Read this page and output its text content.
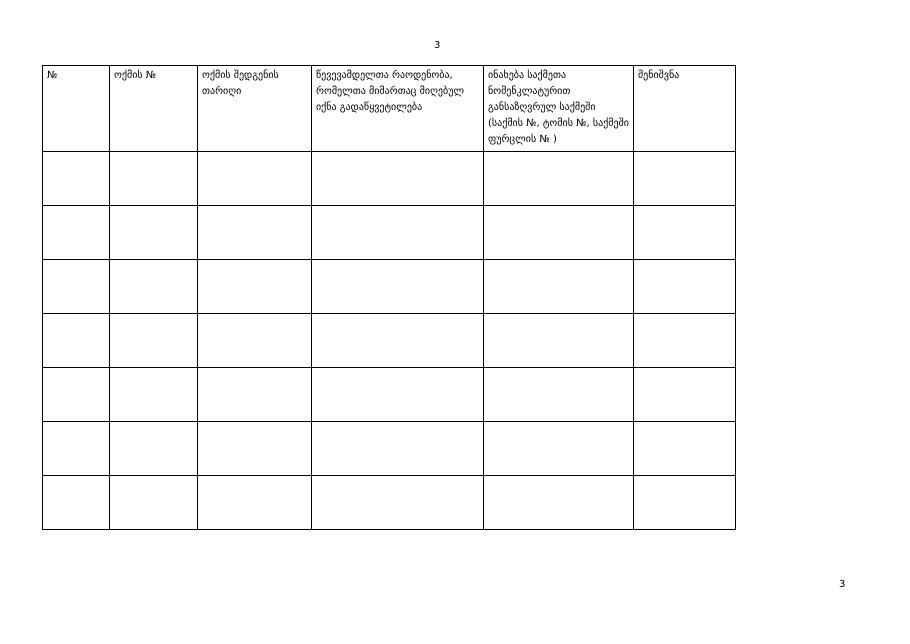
3
№	ოქმის №	ოქმის შედგენის თარიღი	წევევამდელთა რაოდენობა, რომელთა მიმართაც მიღებულ იქნა გადაწყვეტილება	ინახება საქმეთა ნომენკლატურით განსაზღვრულ საქმეში (საქმის №, ტომის №, საქმეში ფურცლის № )	შენიშვნა

3
